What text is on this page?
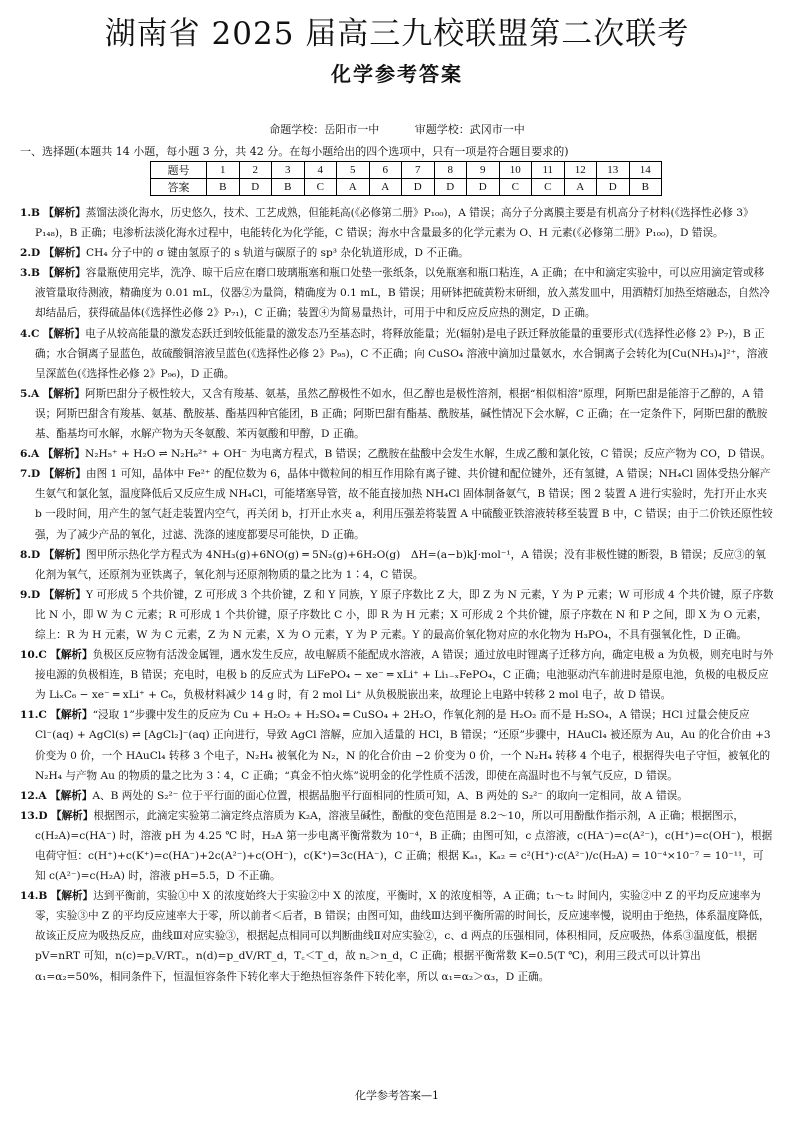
湖南省 2025 届高三九校联盟第二次联考
化学参考答案
命题学校：岳阳市一中	审题学校：武冈市一中
一、选择题(本题共 14 小题，每小题 3 分，共 42 分。在每小题给出的四个选项中，只有一项是符合题目要求的)
题号	1	2	3	4	5	6	7	8	9	10	11	12	13	14
答案	B	D	B	C	A	A	D	D	D	C	C	A	D	B

1.B 【解析】蒸馏法淡化海水，历史悠久，技术、工艺成熟，但能耗高(《必修第二册》P₁₀₀)，A 错误；高分子分离膜主要是有机高分子材料(《选择性必修 3》P₁₄₈)，B 正确；电渗析法淡化海水过程中，电能转化为化学能，C 错误；海水中含量最多的化学元素为 O、H 元素(《必修第二册》P₁₀₀)，D 错误。

2.D 【解析】CH₄ 分子中的 σ 键由氢原子的 s 轨道与碳原子的 sp³ 杂化轨道形成，D 不正确。

3.B 【解析】容量瓶使用完毕，洗净、晾干后应在磨口玻璃瓶塞和瓶口处垫一张纸条，以免瓶塞和瓶口粘连，A 正确；在中和滴定实验中，可以应用滴定管或移液管量取待测液，精确度为 0.01 mL，仪器②为量筒，精确度为 0.1 mL，B 错误；用研钵把硫黄粉末研细，放入蒸发皿中，用酒精灯加热至熔融态，自然冷却结晶后，获得硫晶体(《选择性必修 2》P₇₁)，C 正确；装置④为简易量热计，可用于中和反应反应热的测定，D 正确。

4.C 【解析】电子从较高能量的激发态跃迁到较低能量的激发态乃至基态时，将释放能量；光(辐射)是电子跃迁释放能量的重要形式(《选择性必修 2》P₇)，B 正确；水合铜离子显蓝色，故硫酸铜溶液呈蓝色(《选择性必修 2》P₉₅)，C 不正确；向 CuSO₄ 溶液中滴加过量氨水，水合铜离子会转化为[Cu(NH₃)₄]²⁺，溶液呈深蓝色(《选择性必修 2》P₉₆)，D 正确。

5.A 【解析】阿斯巴甜分子极性较大，又含有羧基、氨基，虽然乙醇极性不如水，但乙醇也是极性溶剂，根据“相似相溶”原理，阿斯巴甜是能溶于乙醇的，A 错误；阿斯巴甜含有羧基、氨基、酰胺基、酯基四种官能团，B 正确；阿斯巴甜有酯基、酰胺基，碱性情况下会水解，C 正确；在一定条件下，阿斯巴甜的酰胺基、酯基均可水解，水解产物为天冬氨酸、苯丙氨酸和甲醇，D 正确。

6.A 【解析】N₂H₅⁺ + H₂O ⇌ N₂H₆²⁺ + OH⁻ 为电离方程式，B 错误；乙酰胺在盐酸中会发生水解，生成乙酸和氯化铵，C 错误；反应产物为 CO，D 错误。

7.D 【解析】由图 1 可知，晶体中 Fe²⁺ 的配位数为 6，晶体中微粒间的相互作用除有离子键、共价键和配位键外，还有氢键，A 错误；NH₄Cl 固体受热分解产生氨气和氯化氢，温度降低后又反应生成 NH₄Cl，可能堵塞导管，故不能直接加热 NH₄Cl 固体制备氨气，B 错误；图 2 装置 A 进行实验时，先打开止水夹 b 一段时间，用产生的氢气赶走装置内空气，再关闭 b，打开止水夹 a，利用压强差将装置 A 中硫酸亚铁溶液转移至装置 B 中，C 错误；由于二价铁还原性较强，为了减少产品的氧化，过滤、洗涤的速度都要尽可能快，D 正确。

8.D 【解析】图甲所示热化学方程式为 4NH₃(g)+6NO(g) ═ 5N₂(g)+6H₂O(g)　ΔH=(a−b)kJ·mol⁻¹，A 错误；没有非极性键的断裂，B 错误；反应③的氧化剂为氧气，还原剂为亚铁离子，氧化剂与还原剂物质的量之比为 1∶4，C 错误。

9.D 【解析】Y 可形成 5 个共价键，Z 可形成 3 个共价键，Z 和 Y 同族，Y 原子序数比 Z 大，即 Z 为 N 元素，Y 为 P 元素；W 可形成 4 个共价键，原子序数比 N 小，即 W 为 C 元素；R 可形成 1 个共价键，原子序数比 C 小，即 R 为 H 元素；X 可形成 2 个共价键，原子序数在 N 和 P 之间，即 X 为 O 元素，综上：R 为 H 元素，W 为 C 元素，Z 为 N 元素，X 为 O 元素，Y 为 P 元素。Y 的最高价氧化物对应的水化物为 H₃PO₄，不具有强氧化性，D 正确。

10.C 【解析】负极区反应物有活泼金属锂，遇水发生反应，故电解质不能配成水溶液，A 错误；通过放电时锂离子迁移方向，确定电极 a 为负极，则充电时与外接电源的负极相连，B 错误；充电时，电极 b 的反应式为 LiFePO₄ − xe⁻ ═ xLi⁺ + Li₁₋ₓFePO₄，C 正确；电池驱动汽车前进时是原电池，负极的电极反应为 LiₓC₆ − xe⁻ ═ xLi⁺ + C₆，负极材料减少 14 g 时，有 2 mol Li⁺ 从负极脱嵌出来，故理论上电路中转移 2 mol 电子，故 D 错误。

11.C 【解析】“浸取 1”步骤中发生的反应为 Cu + H₂O₂ + H₂SO₄ ═ CuSO₄ + 2H₂O，作氧化剂的是 H₂O₂ 而不是 H₂SO₄，A 错误；HCl 过量会使反应 Cl⁻(aq) + AgCl(s) ⇌ [AgCl₂]⁻(aq) 正向进行，导致 AgCl 溶解，应加入适量的 HCl，B 错误；“还原”步骤中，HAuCl₄ 被还原为 Au，Au 的化合价由 +3 价变为 0 价，一个 HAuCl₄ 转移 3 个电子，N₂H₄ 被氧化为 N₂，N 的化合价由 −2 价变为 0 价，一个 N₂H₄ 转移 4 个电子，根据得失电子守恒，被氧化的 N₂H₄ 与产物 Au 的物质的量之比为 3∶4，C 正确；“真金不怕火炼”说明金的化学性质不活泼，即使在高温时也不与氧气反应，D 错误。

12.A 【解析】A、B 两处的 S₂²⁻ 位于平行面的面心位置，根据晶胞平行面相同的性质可知，A、B 两处的 S₂²⁻ 的取向一定相同，故 A 错误。

13.D 【解析】根据图示，此滴定实验第二滴定终点溶质为 K₂A，溶液呈碱性，酚酞的变色范围是 8.2～10，所以可用酚酞作指示剂，A 正确；根据图示，c(H₂A)=c(HA⁻) 时，溶液 pH 为 4.25 ℃ 时，H₂A 第一步电离平衡常数为 10⁻⁴，B 正确；由图可知，c 点溶液，c(HA⁻)=c(A²⁻)，c(H⁺)=c(OH⁻)，根据电荷守恒：c(H⁺)+c(K⁺)=c(HA⁻)+2c(A²⁻)+c(OH⁻)，c(K⁺)=3c(HA⁻)，C 正确；根据 Kₐ₁，Kₐ₂ = c²(H⁺)·c(A²⁻)/c(H₂A) = 10⁻⁴×10⁻⁷ = 10⁻¹¹，可知 c(A²⁻)=c(H₂A) 时，溶液 pH=5.5，D 不正确。

14.B 【解析】达到平衡前，实验①中 X 的浓度始终大于实验②中 X 的浓度，平衡时，X 的浓度相等，A 正确；t₁～t₂ 时间内，实验②中 Z 的平均反应速率为零，实验③中 Z 的平均反应速率大于零，所以前者＜后者，B 错误；由图可知，曲线Ⅲ达到平衡所需的时间长，反应速率慢，说明由于绝热，体系温度降低，故该正反应为吸热反应，曲线Ⅲ对应实验③，根据起点相同可以判断曲线Ⅱ对应实验②，c、d 两点的压强相同，体积相同，反应吸热，体系③温度低，根据 pV=nRT 可知，n(c)=p꜀V/RT꜀，n(d)=p_dV/RT_d，T꜀＜T_d，故 n꜀＞n_d，C 正确；根据平衡常数 K=0.5(T ℃)，利用三段式可以计算出 α₁=α₂=50%，相同条件下，恒温恒容条件下转化率大于绝热恒容条件下转化率，所以 α₁=α₂＞α₃，D 正确。

化学参考答案—1
